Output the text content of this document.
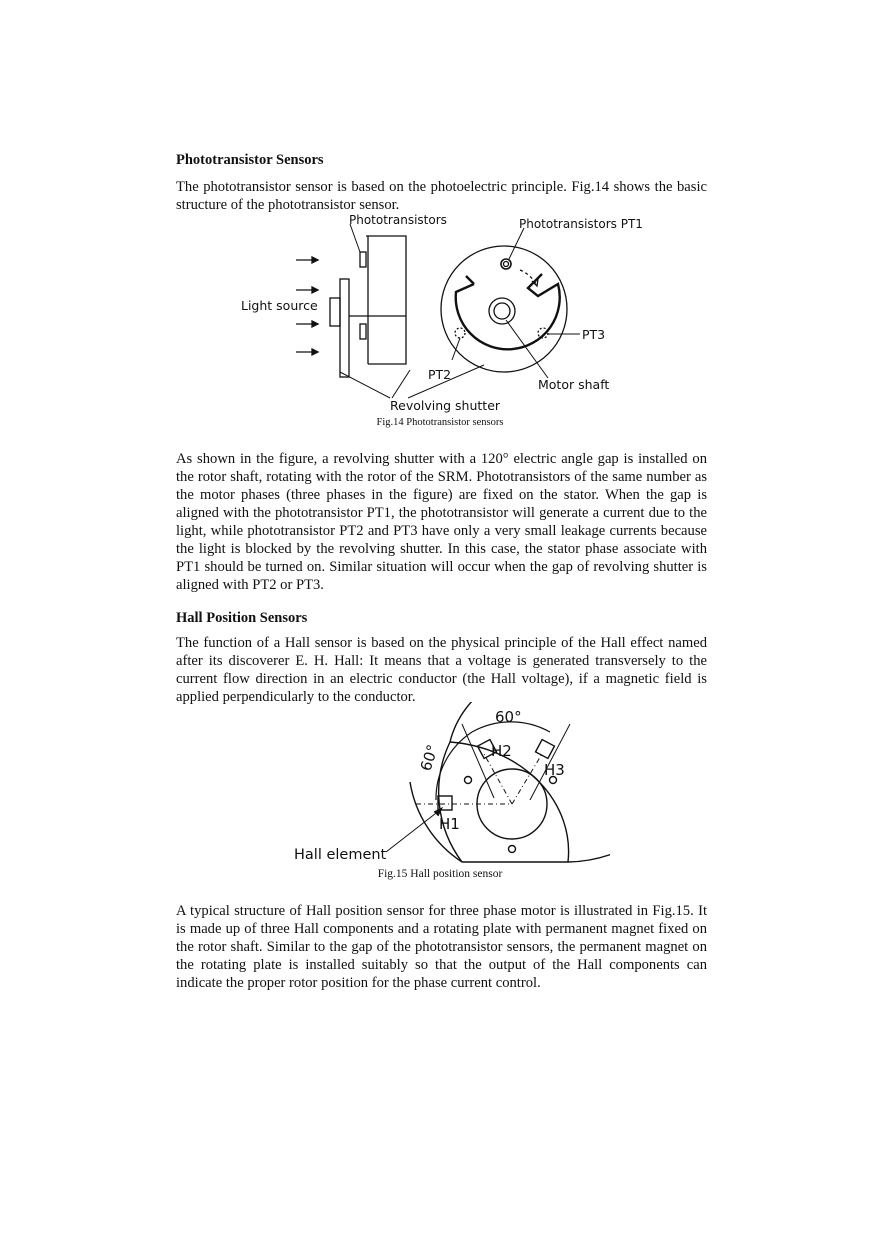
Phototransistor Sensors

The phototransistor sensor is based on the photoelectric principle. Fig.14 shows the basic structure of the phototransistor sensor.

Phototransistors	Phototransistors PT1
Light source
PT3
PT2
Motor shaft
Revolving shutter
Fig.14 Phototransistor sensors

As shown in the figure, a revolving shutter with a 120° electric angle gap is installed on the rotor shaft, rotating with the rotor of the SRM. Phototransistors of the same number as the motor phases (three phases in the figure) are fixed on the stator. When the gap is aligned with the phototransistor PT1, the phototransistor will generate a current due to the light, while phototransistor PT2 and PT3 have only a very small leakage currents because the light is blocked by the revolving shutter. In this case, the stator phase associate with PT1 should be turned on. Similar situation will occur when the gap of revolving shutter is aligned with PT2 or PT3.

Hall Position Sensors

The function of a Hall sensor is based on the physical principle of the Hall effect named after its discoverer E. H. Hall: It means that a voltage is generated transversely to the current flow direction in an electric conductor (the Hall voltage), if a magnetic field is applied perpendicularly to the conductor.

60°
60°
H1
H2
H3
Hall element
Fig.15 Hall position sensor

A typical structure of Hall position sensor for three phase motor is illustrated in Fig.15. It is made up of three Hall components and a rotating plate with permanent magnet fixed on the rotor shaft. Similar to the gap of the phototransistor sensors, the permanent magnet on the rotating plate is installed suitably so that the output of the Hall components can indicate the proper rotor position for the phase current control.
